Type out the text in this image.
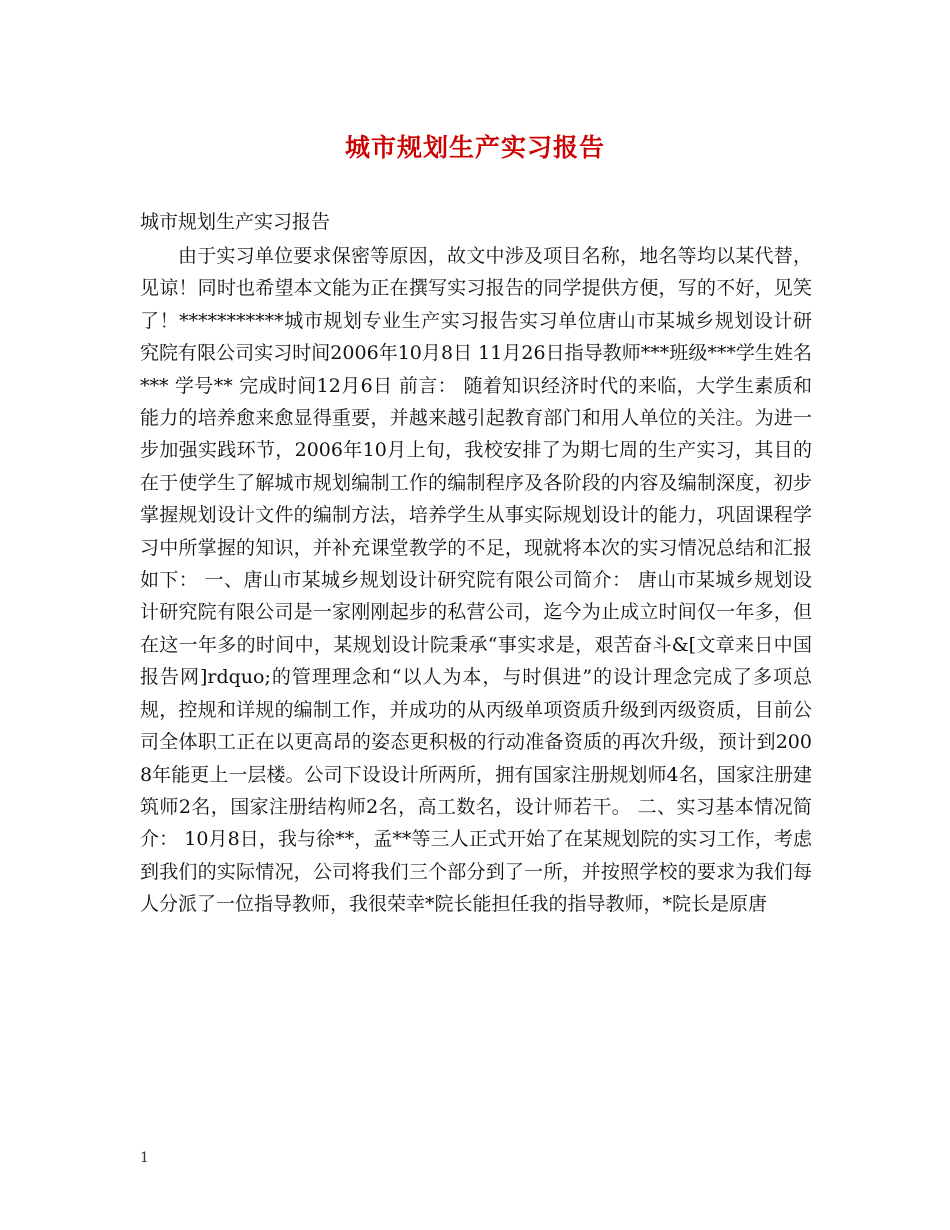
城市规划生产实习报告

城市规划生产实习报告

由于实习单位要求保密等原因，故文中涉及项目名称，地名等均以某代替，见谅！同时也希望本文能为正在撰写实习报告的同学提供方便，写的不好，见笑了！***********城市规划专业生产实习报告实习单位唐山市某城乡规划设计研究院有限公司实习时间2006年10月8日 11月26日指导教师***班级***学生姓名*** 学号** 完成时间12月6日 前言： 随着知识经济时代的来临，大学生素质和能力的培养愈来愈显得重要，并越来越引起教育部门和用人单位的关注。为进一步加强实践环节，2006年10月上旬，我校安排了为期七周的生产实习，其目的在于使学生了解城市规划编制工作的编制程序及各阶段的内容及编制深度，初步掌握规划设计文件的编制方法，培养学生从事实际规划设计的能力，巩固课程学习中所掌握的知识，并补充课堂教学的不足，现就将本次的实习情况总结和汇报如下： 一、唐山市某城乡规划设计研究院有限公司简介： 唐山市某城乡规划设计研究院有限公司是一家刚刚起步的私营公司，迄今为止成立时间仅一年多，但在这一年多的时间中，某规划设计院秉承“事实求是，艰苦奋斗&[文章来日中国报告网]rdquo;的管理理念和“以人为本，与时俱进”的设计理念完成了多项总规，控规和详规的编制工作，并成功的从丙级单项资质升级到丙级资质，目前公司全体职工正在以更高昂的姿态更积极的行动准备资质的再次升级，预计到2008年能更上一层楼。公司下设设计所两所，拥有国家注册规划师4名，国家注册建筑师2名，国家注册结构师2名，高工数名，设计师若干。 二、实习基本情况简介： 10月8日，我与徐**，孟**等三人正式开始了在某规划院的实习工作，考虑到我们的实际情况，公司将我们三个部分到了一所，并按照学校的要求为我们每人分派了一位指导教师，我很荣幸*院长能担任我的指导教师，*院长是原唐

1
